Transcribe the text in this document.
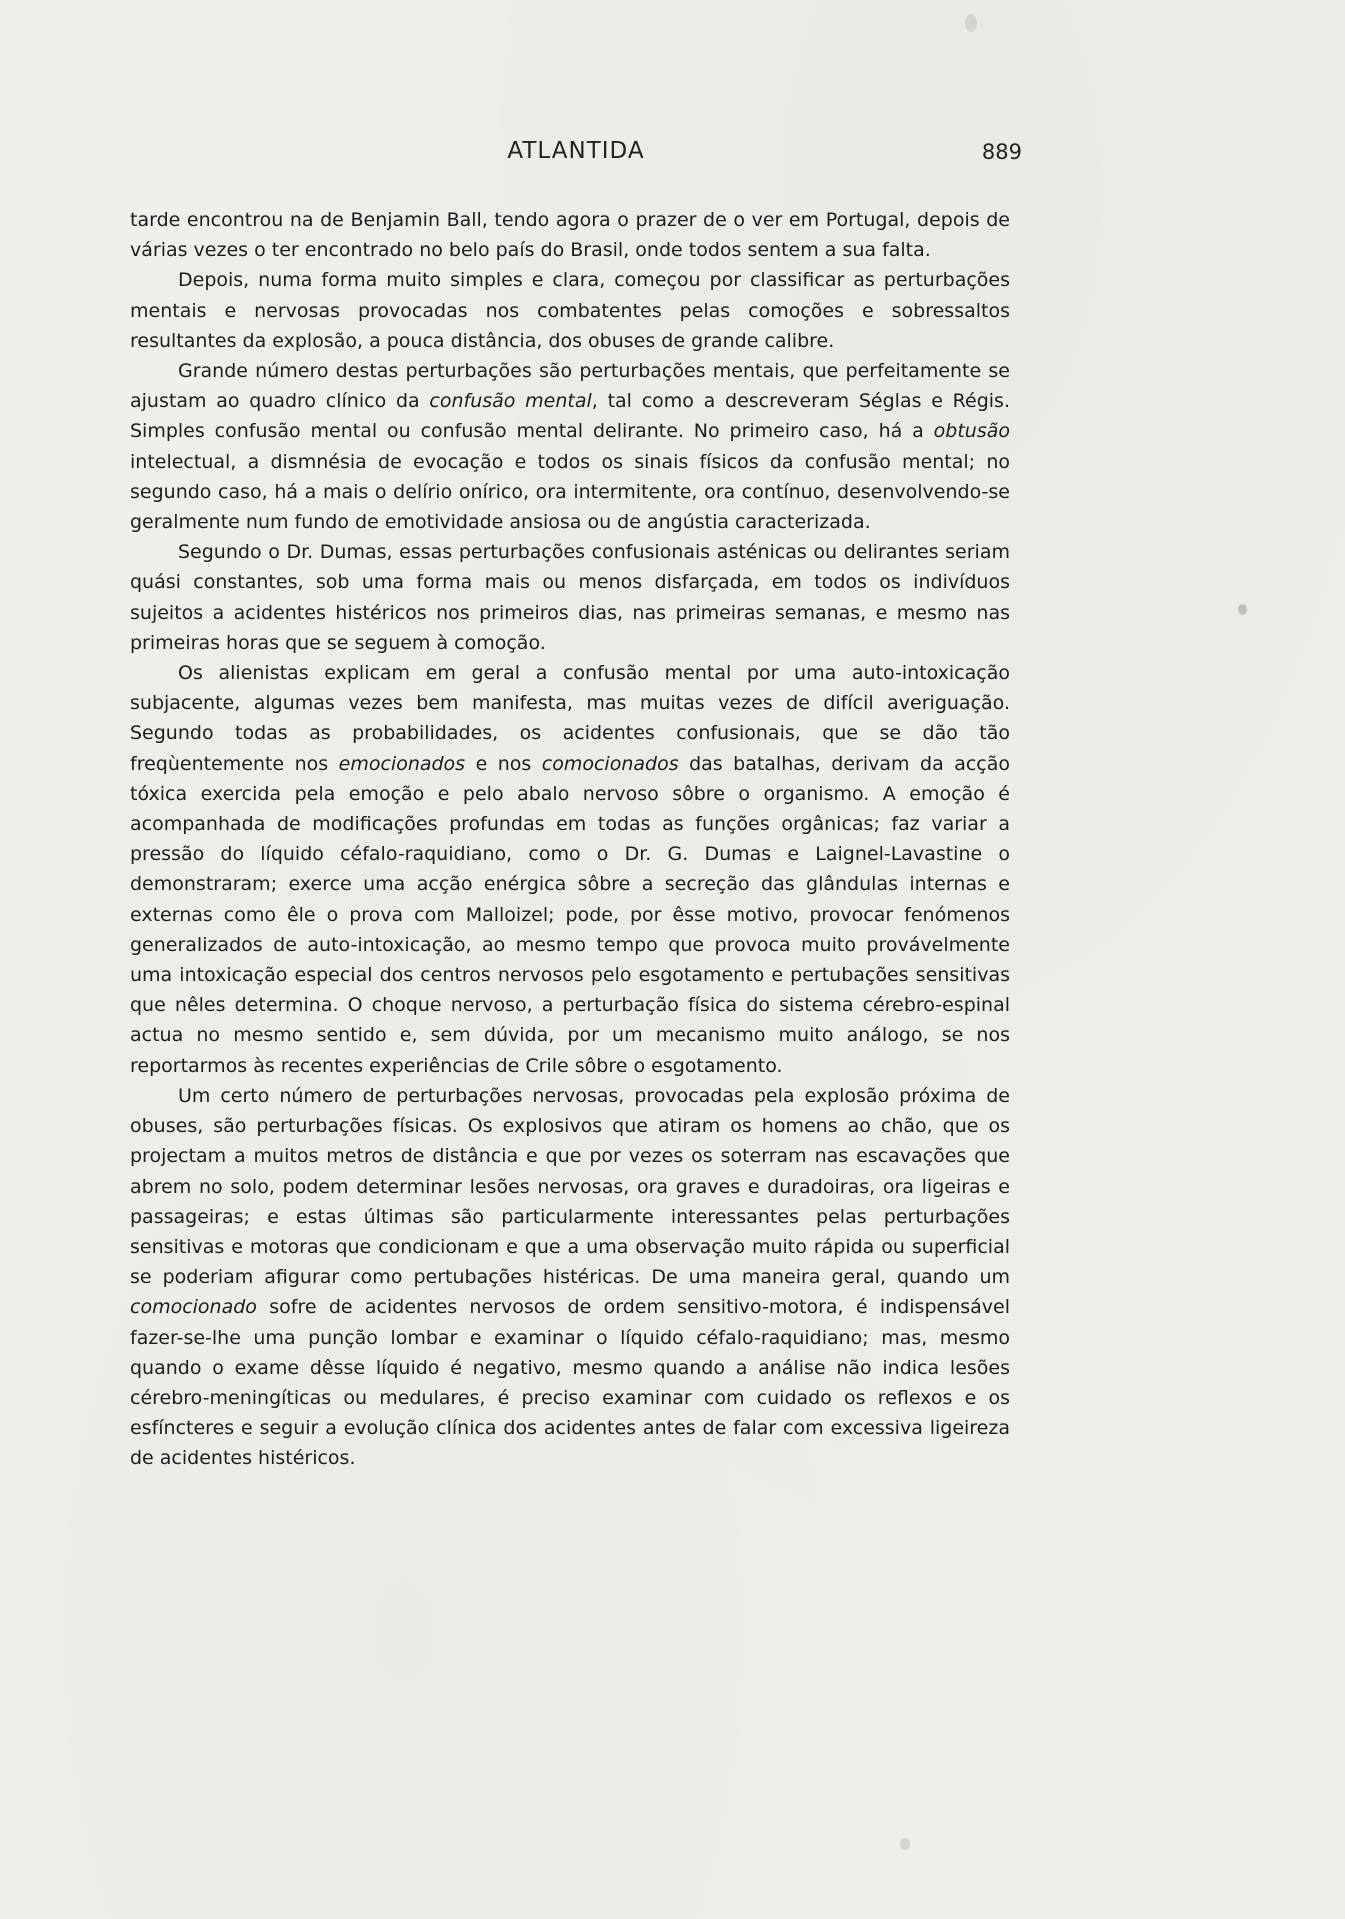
ATLANTIDA	889

tarde encontrou na de Benjamin Ball, tendo agora o prazer de o ver em Portugal, depois de várias vezes o ter encontrado no belo país do Brasil, onde todos sentem a sua falta.

Depois, numa forma muito simples e clara, começou por classificar as perturbações mentais e nervosas provocadas nos combatentes pelas comoções e sobressaltos resultantes da explosão, a pouca distância, dos obuses de grande calibre.

Grande número destas perturbações são perturbações mentais, que perfeitamente se ajustam ao quadro clínico da confusão mental, tal como a descreveram Séglas e Régis. Simples confusão mental ou confusão mental delirante. No primeiro caso, há a obtusão intelectual, a dismnésia de evocação e todos os sinais físicos da confusão mental; no segundo caso, há a mais o delírio onírico, ora intermitente, ora contínuo, desenvolvendo-se geralmente num fundo de emotividade ansiosa ou de angústia caracterizada.

Segundo o Dr. Dumas, essas perturbações confusionais asténicas ou delirantes seriam quási constantes, sob uma forma mais ou menos disfarçada, em todos os indivíduos sujeitos a acidentes histéricos nos primeiros dias, nas primeiras semanas, e mesmo nas primeiras horas que se seguem à comoção.

Os alienistas explicam em geral a confusão mental por uma auto-intoxicação subjacente, algumas vezes bem manifesta, mas muitas vezes de difícil averiguação. Segundo todas as probabilidades, os acidentes confusionais, que se dão tão freqùentemente nos emocionados e nos comocionados das batalhas, derivam da acção tóxica exercida pela emoção e pelo abalo nervoso sôbre o organismo. A emoção é acompanhada de modificações profundas em todas as funções orgânicas; faz variar a pressão do líquido céfalo-raquidiano, como o Dr. G. Dumas e Laignel-Lavastine o demonstraram; exerce uma acção enérgica sôbre a secreção das glândulas internas e externas como êle o prova com Malloizel; pode, por êsse motivo, provocar fenómenos generalizados de auto-intoxicação, ao mesmo tempo que provoca muito provávelmente uma intoxicação especial dos centros nervosos pelo esgotamento e pertubações sensitivas que nêles determina. O choque nervoso, a perturbação física do sistema cérebro-espinal actua no mesmo sentido e, sem dúvida, por um mecanismo muito análogo, se nos reportarmos às recentes experiências de Crile sôbre o esgotamento.

Um certo número de perturbações nervosas, provocadas pela explosão próxima de obuses, são perturbações físicas. Os explosivos que atiram os homens ao chão, que os projectam a muitos metros de distância e que por vezes os soterram nas escavações que abrem no solo, podem determinar lesões nervosas, ora graves e duradoiras, ora ligeiras e passageiras; e estas últimas são particularmente interessantes pelas perturbações sensitivas e motoras que condicionam e que a uma observação muito rápida ou superficial se poderiam afigurar como pertubações histéricas. De uma maneira geral, quando um comocionado sofre de acidentes nervosos de ordem sensitivo-motora, é indispensável fazer-se-lhe uma punção lombar e examinar o líquido céfalo-raquidiano; mas, mesmo quando o exame dêsse líquido é negativo, mesmo quando a análise não indica lesões cérebro-meningíticas ou medulares, é preciso examinar com cuidado os reflexos e os esfíncteres e seguir a evolução clínica dos acidentes antes de falar com excessiva ligeireza de acidentes histéricos.
